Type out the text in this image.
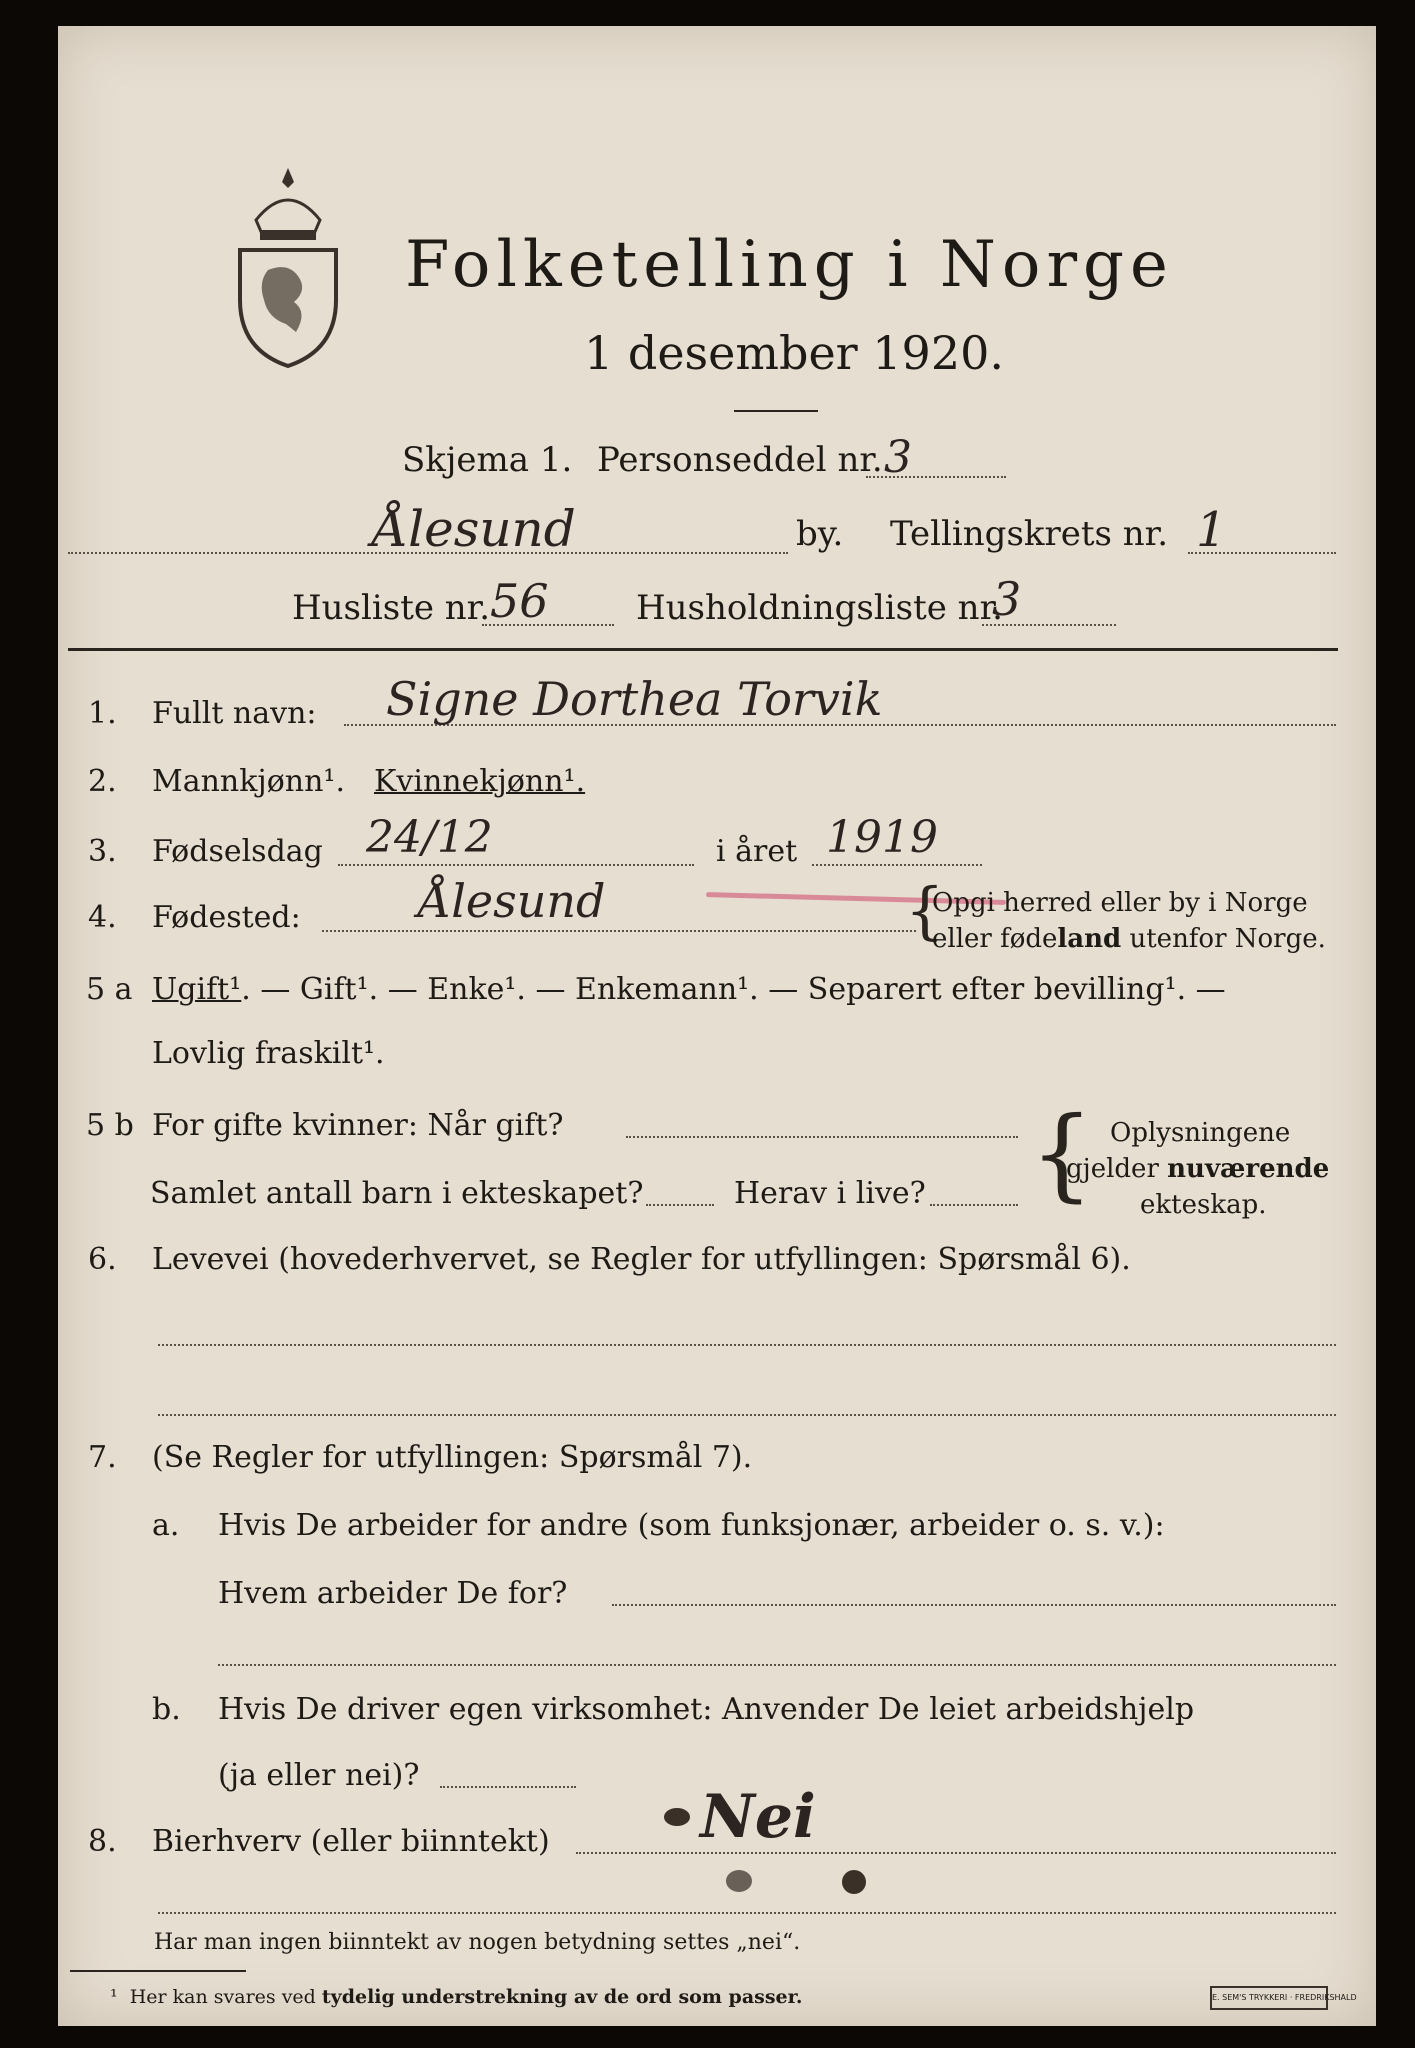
Folketelling i Norge
1 desember 1920.
Skjema 1. Personseddel nr. 3
Ålesund	by. Tellingskrets nr. 1
Husliste nr. 56	Husholdningsliste nr.
3
1. Fullt navn: Signe Dorthea Torvik
2. Mannkjønn¹. Kvinnekjønn¹.
3. Fødselsdag 24/12	i året 1919
4. Fødested:	Ålesund	{
Opgi herred eller by i Norge
eller fødeland utenfor Norge.
5 a Ugift¹. — Gift¹. — Enke¹. — Enkemann¹. — Separert efter bevilling¹. —
Lovlig fraskilt¹.
5 b For gifte kvinner: Når gift?
Samlet antall barn i ekteskapet?	Herav i live? { Oplysningene
gjelder nuværende
ekteskap.
6. Levevei (hovederhvervet, se Regler for utfyllingen: Spørsmål 6).
7. (Se Regler for utfyllingen: Spørsmål 7).
a. Hvis De arbeider for andre (som funksjonær, arbeider o. s. v.):
Hvem arbeider De for?
b. Hvis De driver egen virksomhet: Anvender De leiet arbeidshjelp
(ja eller nei)?
8. Bierhverv (eller biinntekt)	Nei
Har man ingen biinntekt av nogen betydning settes „nei“.
¹ Her kan svares ved tydelig understrekning av de ord som passer.	E. SEM'S TRYKKERI · FREDRIKSHALD
